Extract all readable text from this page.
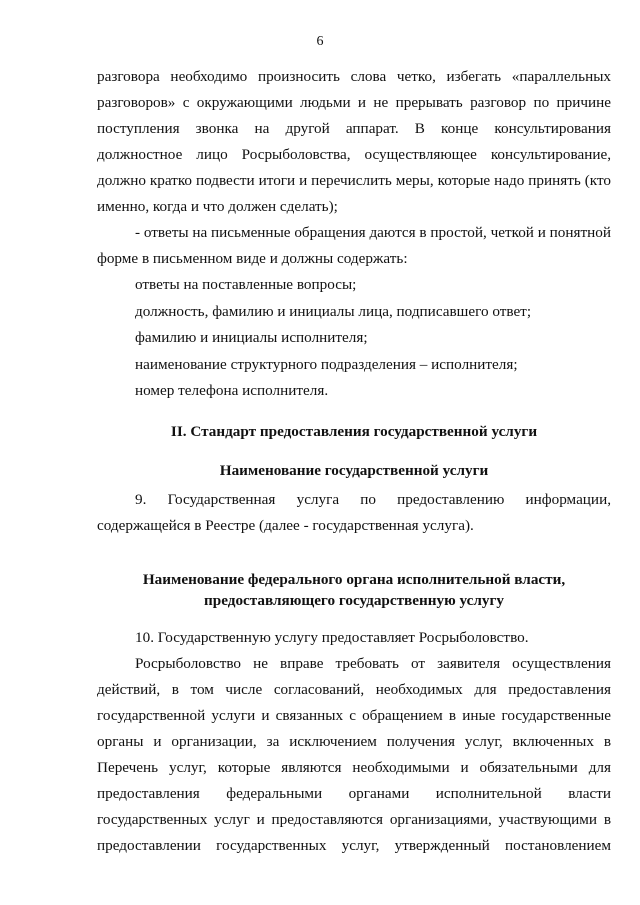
6

разговора необходимо произносить слова четко, избегать «параллельных разговоров» с окружающими людьми и не прерывать разговор по причине поступления звонка на другой аппарат. В конце консультирования должностное лицо Росрыболовства, осуществляющее консультирование, должно кратко подвести итоги и перечислить меры, которые надо принять (кто именно, когда и что должен сделать);

- ответы на письменные обращения даются в простой, четкой и понятной форме в письменном виде и должны содержать:

ответы на поставленные вопросы;

должность, фамилию и инициалы лица, подписавшего ответ;

фамилию и инициалы исполнителя;

наименование структурного подразделения – исполнителя;

номер телефона исполнителя.

II. Стандарт предоставления государственной услуги

Наименование государственной услуги

9. Государственная услуга по предоставлению информации, содержащейся в Реестре (далее - государственная услуга).

Наименование федерального органа исполнительной власти,

предоставляющего государственную услугу

10. Государственную услугу предоставляет Росрыболовство.

Росрыболовство не вправе требовать от заявителя осуществления действий, в том числе согласований, необходимых для предоставления государственной услуги и связанных с обращением в иные государственные органы и организации, за исключением получения услуг, включенных в Перечень услуг, которые являются необходимыми и обязательными для предоставления федеральными органами исполнительной власти государственных услуг и предоставляются организациями, участвующими в предоставлении государственных услуг, утвержденный постановлением
